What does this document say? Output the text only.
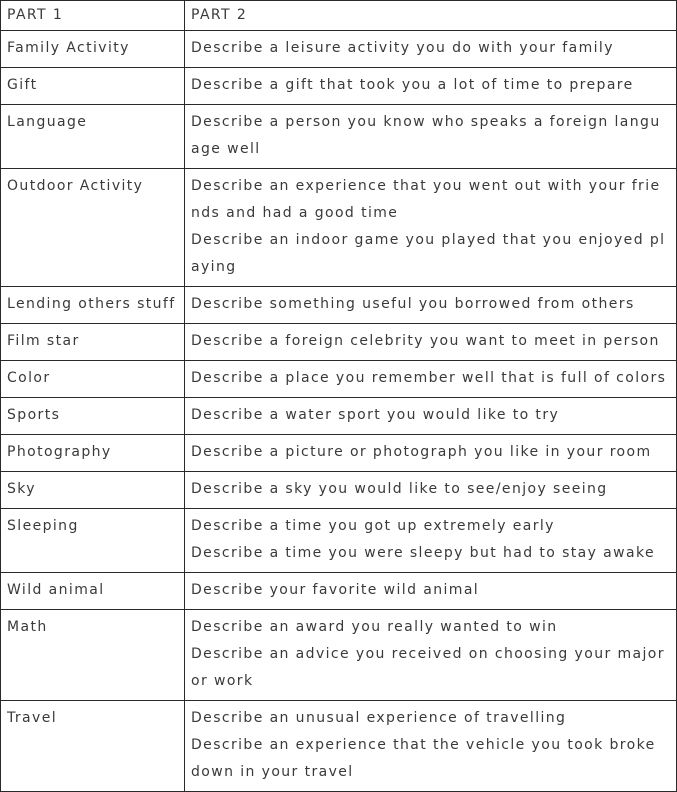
PART 1	PART 2
Family Activity	Describe a leisure activity you do with your family

Gift	Describe a gift that took you a lot of time to prepare

Language	Describe a person you know who speaks a foreign language well

Outdoor Activity	Describe an experience that you went out with your friends and had a good time

Describe an indoor game you played that you enjoyed playing

Lending others stuff	Describe something useful you borrowed from others

Film star	Describe a foreign celebrity you want to meet in person

Color	Describe a place you remember well that is full of colors

Sports	Describe a water sport you would like to try

Photography	Describe a picture or photograph you like in your room

Sky	Describe a sky you would like to see/enjoy seeing

Sleeping	Describe a time you got up extremely early

Describe a time you were sleepy but had to stay awake

Wild animal	Describe your favorite wild animal

Math	Describe an award you really wanted to win

Describe an advice you received on choosing your major or work

Travel	Describe an unusual experience of travelling

Describe an experience that the vehicle you took broke down in your travel
